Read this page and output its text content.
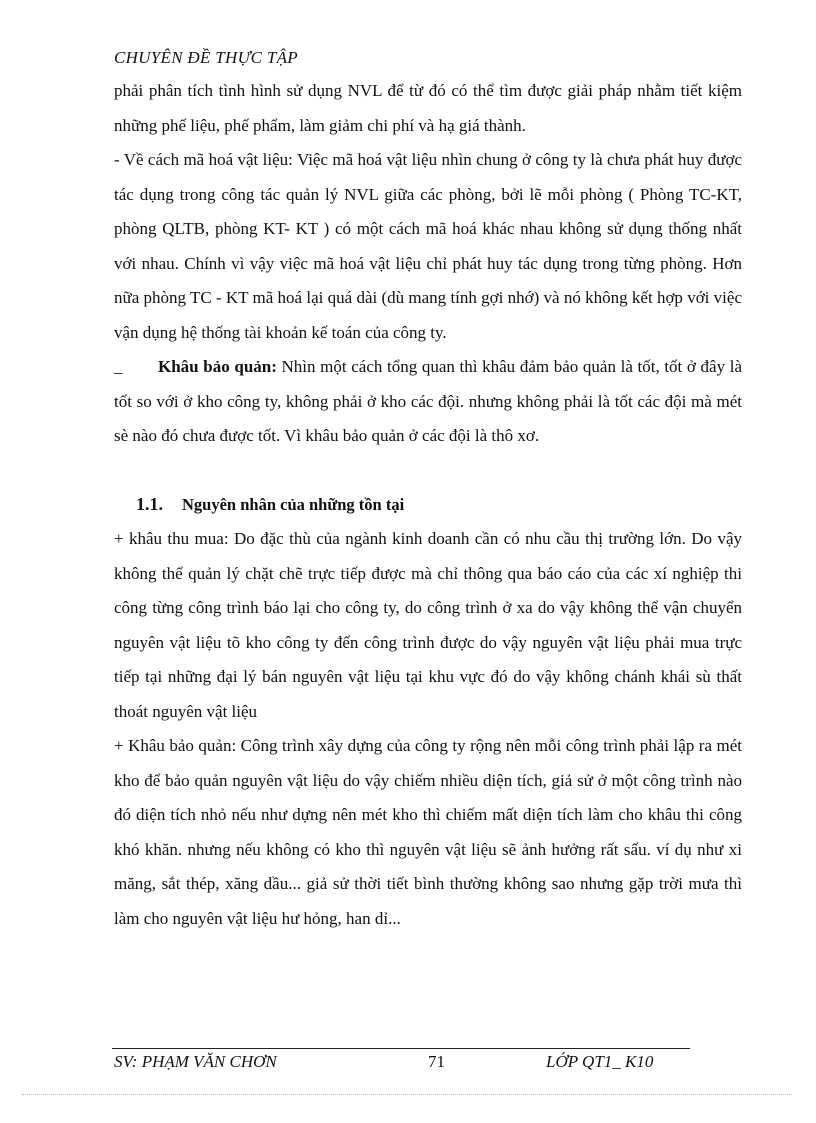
CHUYÊN ĐỀ THỰC TẬP

phải phân tích tình hình sử dụng NVL để từ đó có thể tìm được giải pháp nhằm tiết kiệm những phế liệu, phế phẩm, làm giảm chi phí và hạ giá thành.

- Về cách mã hoá vật liệu: Việc mã hoá vật liệu nhìn chung ở công ty là chưa phát huy được tác dụng trong công tác quản lý NVL giữa các phòng, bởi lẽ mỗi phòng ( Phòng TC-KT, phòng QLTB, phòng KT- KT ) có một cách mã hoá khác nhau không sử dụng thống nhất với nhau. Chính vì vậy việc mã hoá vật liệu chỉ phát huy tác dụng trong từng phòng. Hơn nữa phòng TC - KT mã hoá lại quá dài (dù mang tính gợi nhớ) và nó không kết hợp với việc vận dụng hệ thống tài khoản kế toán của công ty.

_ Khâu bảo quản: Nhìn một cách tổng quan thì khâu đảm bảo quản là tốt, tốt ở đây là tốt so với ở kho công ty, không phải ở kho các đội. nhưng không phải là tốt các đội mà mét sè nào đó chưa được tốt. Vì khâu bảo quản ở các đội là thô xơ.

1.1. Nguyên nhân của những tồn tại

+ khâu thu mua: Do đặc thù của ngành kinh doanh cần có nhu cầu thị trường lớn. Do vậy không thể quản lý chặt chẽ trực tiếp được mà chỉ thông qua báo cáo của các xí nghiệp thi công từng công trình báo lại cho công ty, do công trình ở xa do vậy không thể vận chuyển nguyên vật liệu tõ kho công ty đến công trình được do vậy nguyên vật liệu phải mua trực tiếp tại những đại lý bán nguyên vật liệu tại khu vực đó do vậy không chánh khái sù thất thoát nguyên vật liệu

+ Khâu bảo quản: Công trình xây dựng của công ty rộng nên mỗi công trình phải lập ra mét kho để bảo quản nguyên vật liệu do vậy chiếm nhiều diện tích, giả sử ở một công trình nào đó diện tích nhỏ nếu như dựng nên mét kho thì chiếm mất diện tích làm cho khâu thi công khó khăn. nhưng nếu không có kho thì nguyên vật liệu sẽ ảnh hưởng rất sấu. ví dụ như xi măng, sắt thép, xăng dầu... giả sử thời tiết bình thường không sao nhưng gặp trời mưa thì làm cho nguyên vật liệu hư hỏng, han dỉ...

SV: PHẠM VĂN CHƠN	71	LỚP QT1_ K10
